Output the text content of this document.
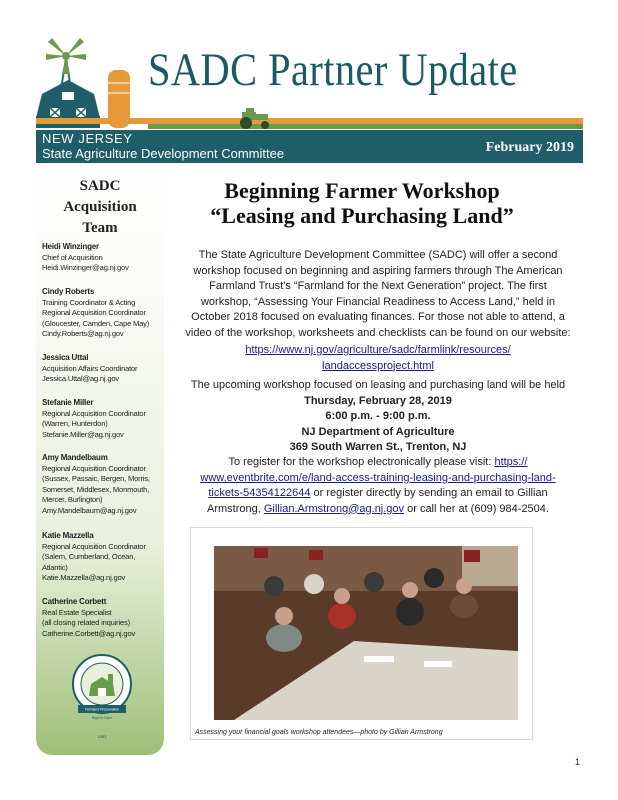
SADC Partner Update
NEW JERSEY
State Agriculture Development Committee	February 2019
SADC
Acquisition
Team
Heidi Winzinger
Chief of Acquisition
Heidi.Winzinger@ag.nj.gov
Cindy Roberts
Training Coordinator & Acting
Regional Acquisition Coordinator
(Gloucester, Camden, Cape May)
Cindy.Roberts@ag.nj.gov
Jessica Uttal
Acquisition Affairs Coordinator
Jessica.Uttal@ag.nj.gov
Stefanie Miller
Regional Acquisition Coordinator
(Warren, Hunterdon)
Stefanie.Miller@ag.nj.gov
Amy Mandelbaum
Regional Acquisition Coordinator
(Sussex, Passaic, Bergen, Morris,
Somerset, Middlesex, Monmouth,
Mercer, Burlington)
Amy.Mandelbaum@ag.nj.gov
Katie Mazzella
Regional Acquisition Coordinator
(Salem, Cumberland, Ocean,
Atlantic)
Katie.Mazzella@ag.nj.gov
Catherine Corbett
Real Estate Specialist
(all closing related inquiries)
Catherine.Corbett@ag.nj.gov
Farmland Preservation
Right to Farm
1983
Beginning Farmer Workshop
“Leasing and Purchasing Land”
The State Agriculture Development Committee (SADC) will offer a second
workshop focused on beginning and aspiring farmers through The American
Farmland Trust’s “Farmland for the Next Generation” project. The first
workshop, “Assessing Your Financial Readiness to Access Land,” held in
October 2018 focused on evaluating finances. For those not able to attend, a
video of the workshop, worksheets and checklists can be found on our website:
https://www.nj.gov/agriculture/sadc/farmlink/resources/
landaccessproject.html
The upcoming workshop focused on leasing and purchasing land will be held
Thursday, February 28, 2019
6:00 p.m. - 9:00 p.m.
NJ Department of Agriculture
369 South Warren St., Trenton, NJ
To register for the workshop electronically please visit: https://
www.eventbrite.com/e/land-access-training-leasing-and-purchasing-land-
tickets-54354122644 or register directly by sending an email to Gillian
Armstrong, Gillian.Armstrong@ag.nj.gov or call her at (609) 984-2504.
Assessing your financial goals workshop attendees—photo by Gillian Armstrong
1
